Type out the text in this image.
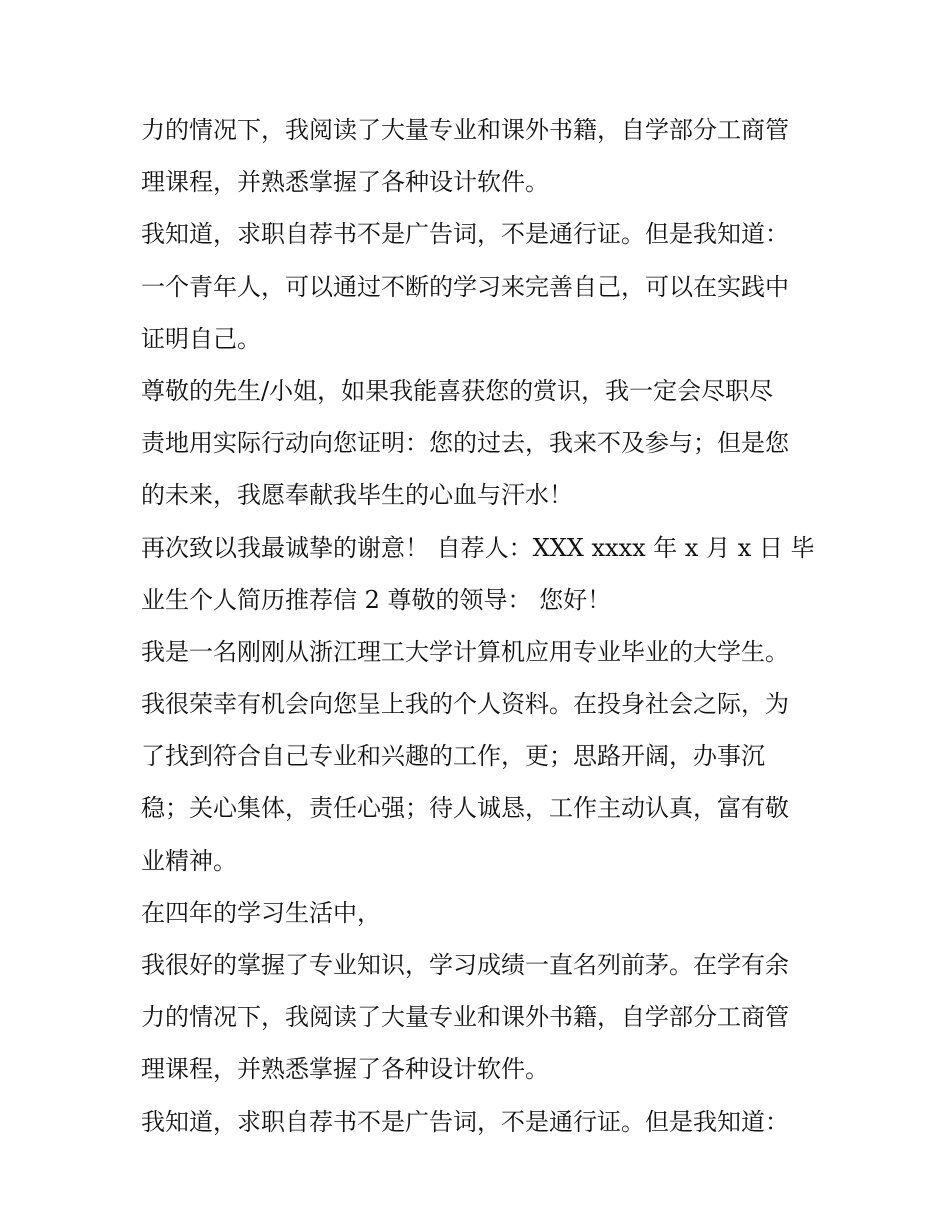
力的情况下，我阅读了大量专业和课外书籍，自学部分工商管
理课程，并熟悉掌握了各种设计软件。
我知道，求职自荐书不是广告词，不是通行证。但是我知道：
一个青年人，可以通过不断的学习来完善自己，可以在实践中
证明自己。
尊敬的先生/小姐，如果我能喜获您的赏识，我一定会尽职尽
责地用实际行动向您证明：您的过去，我来不及参与；但是您
的未来，我愿奉献我毕生的心血与汗水！
再次致以我最诚挚的谢意！ 自荐人：XXX xxxx 年 x 月 x 日 毕
业生个人简历推荐信 2 尊敬的领导： 您好！
我是一名刚刚从浙江理工大学计算机应用专业毕业的大学生。
我很荣幸有机会向您呈上我的个人资料。在投身社会之际，为
了找到符合自己专业和兴趣的工作，更；思路开阔，办事沉
稳；关心集体，责任心强；待人诚恳，工作主动认真，富有敬
业精神。
在四年的学习生活中，
我很好的掌握了专业知识，学习成绩一直名列前茅。在学有余
力的情况下，我阅读了大量专业和课外书籍，自学部分工商管
理课程，并熟悉掌握了各种设计软件。
我知道，求职自荐书不是广告词，不是通行证。但是我知道：
